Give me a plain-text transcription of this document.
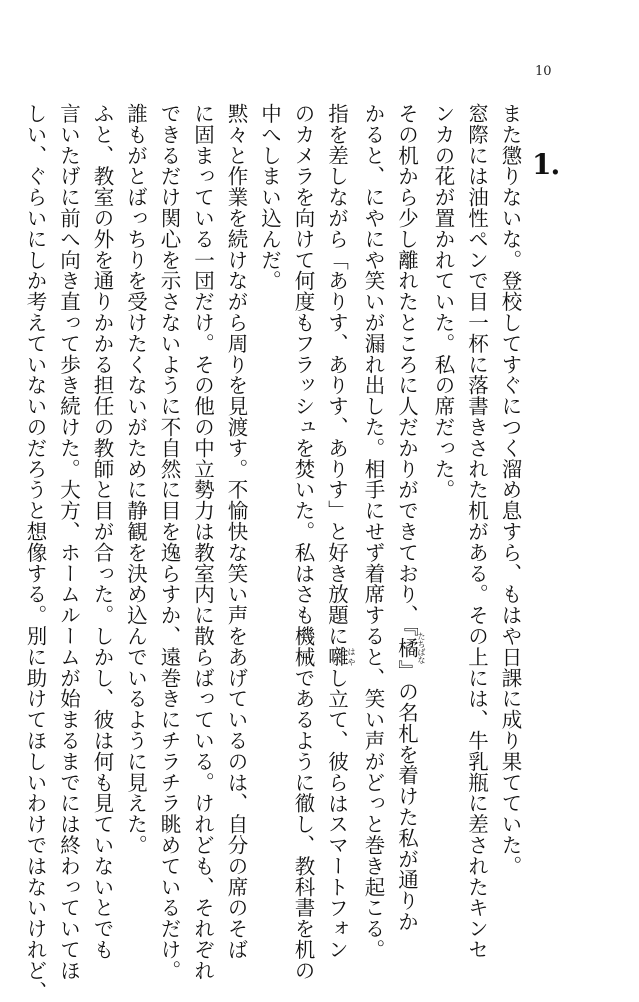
10
1.
また懲りないな。登校してすぐにつく溜め息すら、もはや日課に成り果てていた。
窓際には油性ペンで目一杯に落書きされた机がある。その上には、牛乳瓶に差されたキンセ
ンカの花が置かれていた。私の席だった。
その机から少し離れたところに人だかりができており、『橘たちばな』の名札を着けた私が通りか
かると、にやにや笑いが漏れ出した。相手にせず着席すると、笑い声がどっと巻き起こる。
指を差しながら「ありす、ありす、ありす」と好き放題に囃はやし立て、彼らはスマートフォン
のカメラを向けて何度もフラッシュを焚いた。私はさも機械であるように徹し、教科書を机の
中へしまい込んだ。
黙々と作業を続けながら周りを見渡す。不愉快な笑い声をあげているのは、自分の席のそば
に固まっている一団だけ。その他の中立勢力は教室内に散らばっている。けれども、それぞれ
できるだけ関心を示さないように不自然に目を逸らすか、遠巻きにチラチラ眺めているだけ。
誰もがとばっちりを受けたくないがために静観を決め込んでいるように見えた。
ふと、教室の外を通りかかる担任の教師と目が合った。しかし、彼は何も見ていないとでも
言いたげに前へ向き直って歩き続けた。大方、ホームルームが始まるまでには終わっていてほ
しい、ぐらいにしか考えていないのだろうと想像する。別に助けてほしいわけではないけれど、
